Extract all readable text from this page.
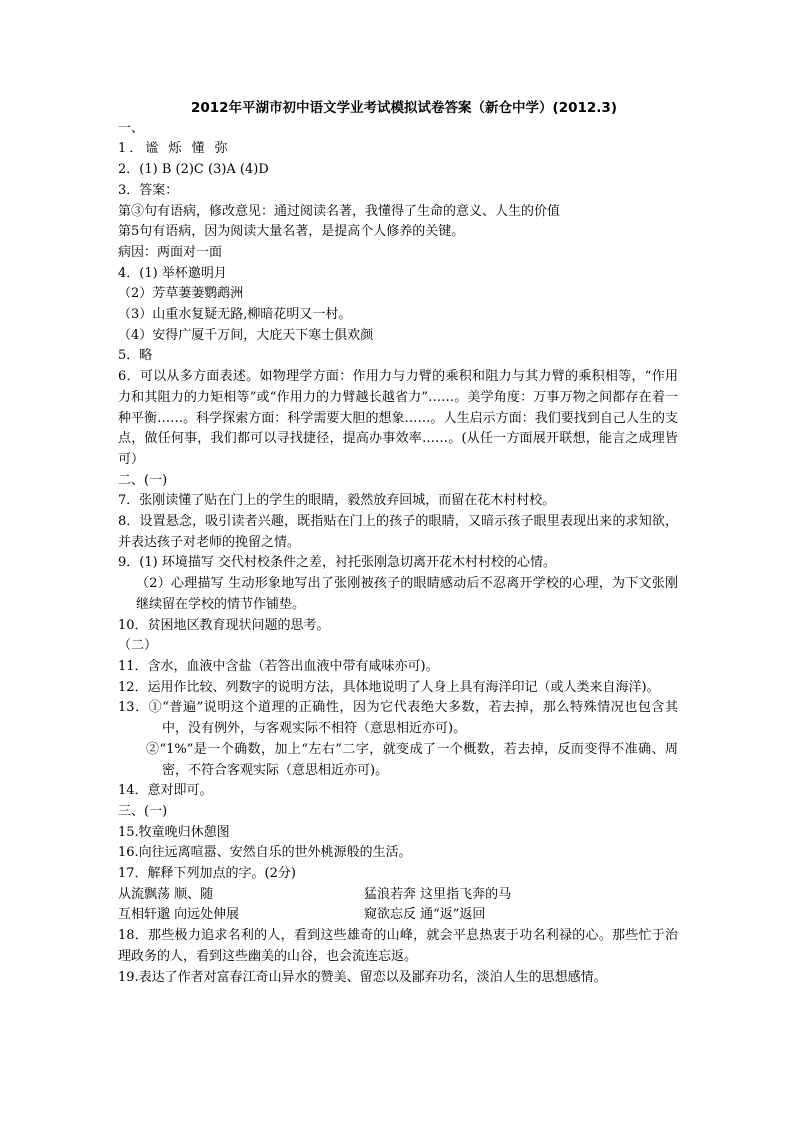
2012年平湖市初中语文学业考试模拟试卷答案（新仓中学）(2012.3)
一、
1．谧 烁 懂 弥
2．(1) B (2)C (3)A (4)D
3．答案：
第③句有语病，修改意见：通过阅读名著，我懂得了生命的意义、人生的价值
第5句有语病，因为阅读大量名著，是提高个人修养的关键。
病因：两面对一面
4．(1) 举杯邀明月
（2）芳草萋萋鹦鹉洲
（3）山重水复疑无路,柳暗花明又一村。
（4）安得广厦千万间，大庇天下寒士俱欢颜
5．略
6．可以从多方面表述。如物理学方面：作用力与力臂的乘积和阻力与其力臂的乘积相等，“作用力和其阻力的力矩相等”或“作用力的力臂越长越省力”……。美学角度：万事万物之间都存在着一种平衡……。科学探索方面：科学需要大胆的想象……。人生启示方面：我们要找到自己人生的支点，做任何事，我们都可以寻找捷径，提高办事效率……。(从任一方面展开联想，能言之成理皆可）
二、(一)
7．张刚读懂了贴在门上的学生的眼睛，毅然放弃回城，而留在花木村村校。
8．设置悬念，吸引读者兴趣，既指贴在门上的孩子的眼睛，又暗示孩子眼里表现出来的求知欲，并表达孩子对老师的挽留之情。
9．(1) 环境描写 交代村校条件之差，衬托张刚急切离开花木村村校的心情。
（2）心理描写 生动形象地写出了张刚被孩子的眼睛感动后不忍离开学校的心理，为下文张刚继续留在学校的情节作铺垫。
10．贫困地区教育现状问题的思考。
（二）
11．含水，血液中含盐（若答出血液中带有咸味亦可)。
12．运用作比较、列数字的说明方法，具体地说明了人身上具有海洋印记（或人类来自海洋)。
13．①“普遍”说明这个道理的正确性，因为它代表绝大多数，若去掉，那么特殊情况也包含其中，没有例外，与客观实际不相符（意思相近亦可)。
②“1%”是一个确数，加上“左右”二字，就变成了一个概数，若去掉，反而变得不准确、周密，不符合客观实际（意思相近亦可)。
14．意对即可。
三、(一)
15.牧童晚归休憩图
16.向往远离喧嚣、安然自乐的世外桃源般的生活。
17．解释下列加点的字。(2分)
从流飘荡 顺、随	猛浪若奔 这里指飞奔的马
互相轩邈 向远处伸展	窥欲忘反 通“返”返回
18．那些极力追求名利的人，看到这些雄奇的山峰，就会平息热衷于功名利禄的心。那些忙于治理政务的人，看到这些幽美的山谷，也会流连忘返。
19.表达了作者对富春江奇山异水的赞美、留恋以及鄙弃功名，淡泊人生的思想感情。
